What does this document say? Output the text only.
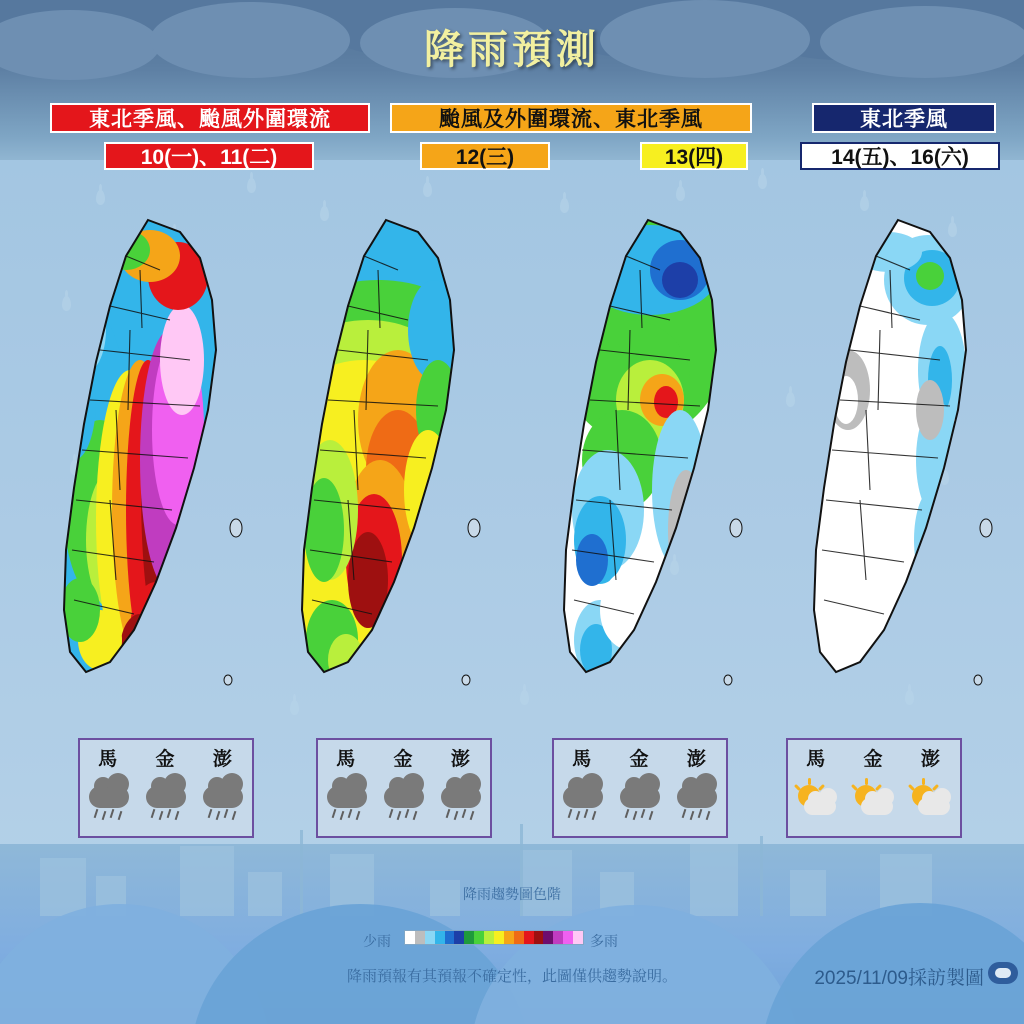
降雨預測
東北季風、颱風外圍環流	颱風及外圍環流、東北季風	東北季風
10(一)、11(二)	12(三)	13(四)	14(五)、16(六)
馬 金 澎	馬 金 澎	馬 金 澎	馬 金 澎
降雨趨勢圖色階
少雨	多雨
降雨預報有其預報不確定性，此圖僅供趨勢說明。	2025/11/09採訪製圖
